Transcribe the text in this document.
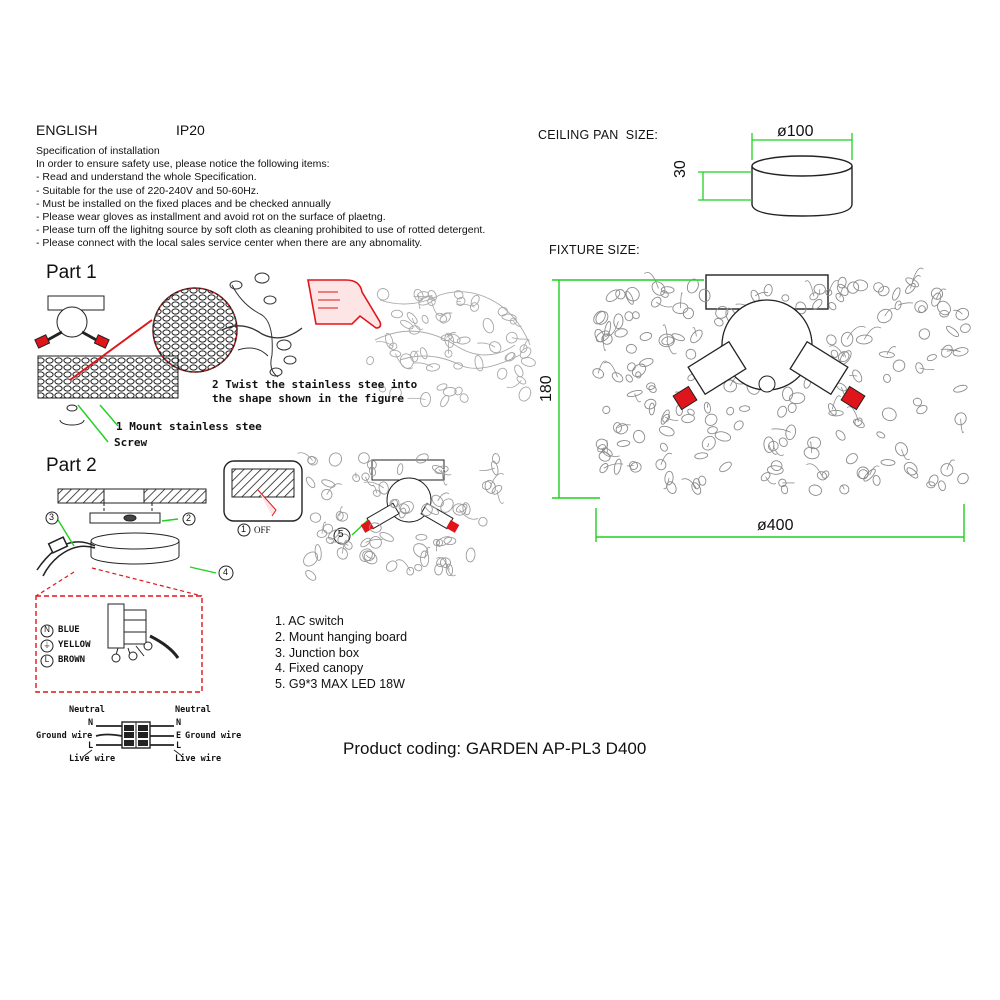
ENGLISH	IP20
Specification of installation
In order to ensure safety use, please notice the following items:
- Read and understand the whole Specification.
- Suitable for the use of 220-240V and 50-60Hz.
- Must be installed on the fixed places and be checked annually
- Please wear gloves as installment and avoid rot on the surface of plaetng.
- Please turn off the lighitng source by soft cloth as cleaning prohibited to use of rotted detergent.
- Please connect with the local sales service center when there are any abnomality.
Part 1
2 Twist the stainless stee into
the shape shown in the figure
1 Mount stainless stee
Screw
Part 2
3	2
4
5
1 OFF
N
⏚
L
BLUE
YELLOW
BROWN
1. AC switch
2. Mount hanging board
3. Junction box
4. Fixed canopy
5. G9*3 MAX LED 18W
Neutral	Neutral
N	N
Ground wire	E Ground wire
L	L
Live wire	Live wire
Product coding: GARDEN AP-PL3 D400
CEILING PAN  SIZE:	ø100
30
FIXTURE SIZE:
180
ø400
